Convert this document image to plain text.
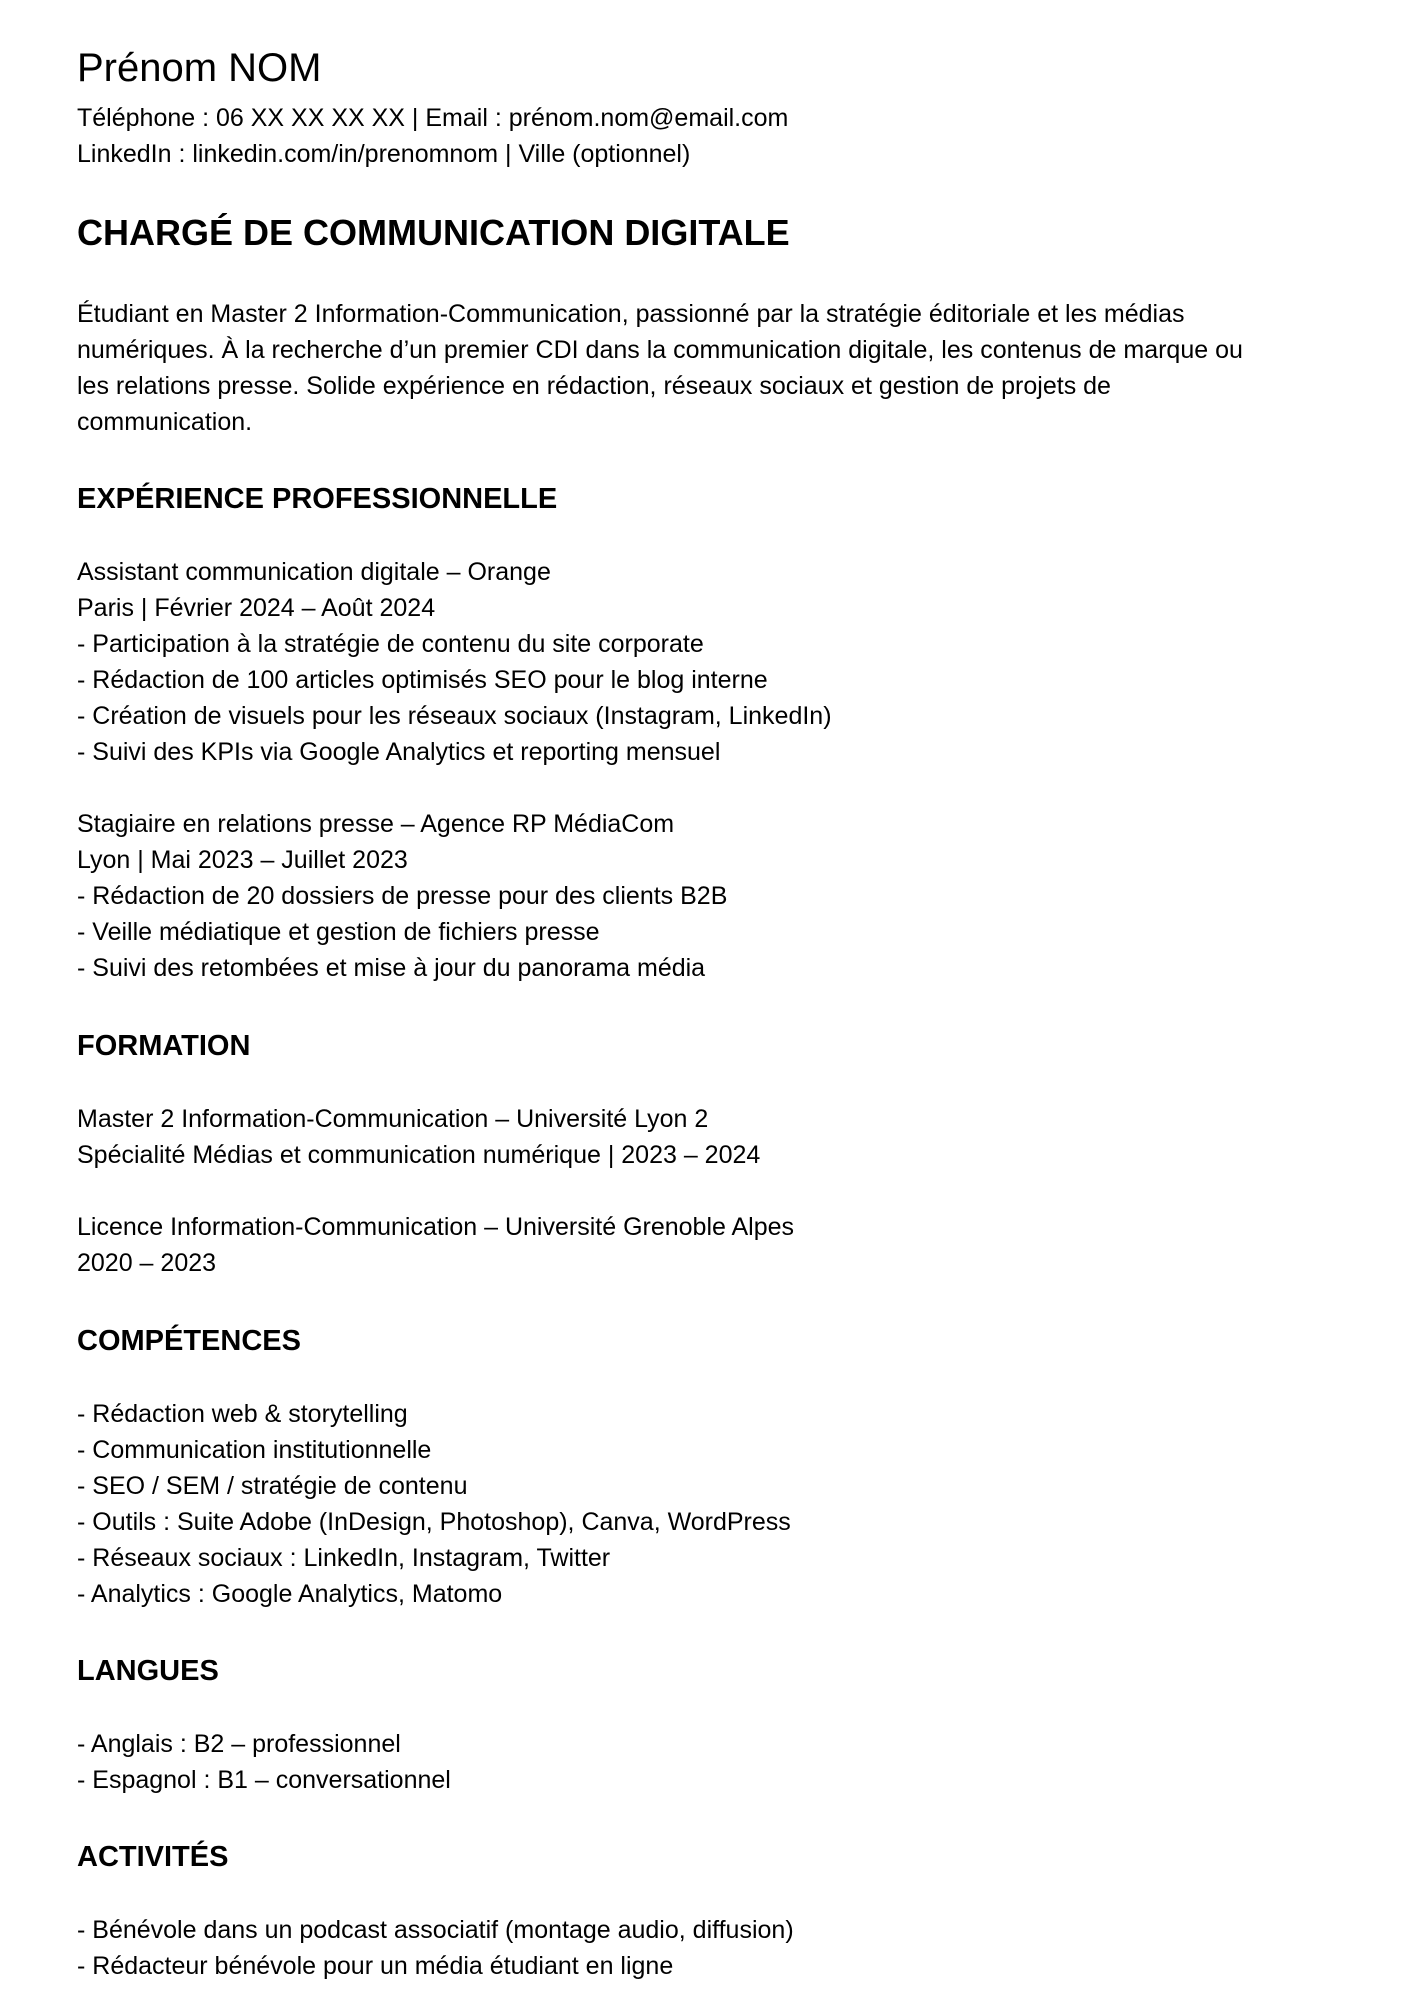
Prénom NOM
Téléphone : 06 XX XX XX XX | Email : prénom.nom@email.com
LinkedIn : linkedin.com/in/prenomnom | Ville (optionnel)
CHARGÉ DE COMMUNICATION DIGITALE
Étudiant en Master 2 Information-Communication, passionné par la stratégie éditoriale et les médias
numériques. À la recherche d’un premier CDI dans la communication digitale, les contenus de marque ou
les relations presse. Solide expérience en rédaction, réseaux sociaux et gestion de projets de
communication.
EXPÉRIENCE PROFESSIONNELLE
Assistant communication digitale – Orange
Paris | Février 2024 – Août 2024
- Participation à la stratégie de contenu du site corporate
- Rédaction de 100 articles optimisés SEO pour le blog interne
- Création de visuels pour les réseaux sociaux (Instagram, LinkedIn)
- Suivi des KPIs via Google Analytics et reporting mensuel
Stagiaire en relations presse – Agence RP MédiaCom
Lyon | Mai 2023 – Juillet 2023
- Rédaction de 20 dossiers de presse pour des clients B2B
- Veille médiatique et gestion de fichiers presse
- Suivi des retombées et mise à jour du panorama média
FORMATION
Master 2 Information-Communication – Université Lyon 2
Spécialité Médias et communication numérique | 2023 – 2024
Licence Information-Communication – Université Grenoble Alpes
2020 – 2023
COMPÉTENCES
- Rédaction web & storytelling
- Communication institutionnelle
- SEO / SEM / stratégie de contenu
- Outils : Suite Adobe (InDesign, Photoshop), Canva, WordPress
- Réseaux sociaux : LinkedIn, Instagram, Twitter
- Analytics : Google Analytics, Matomo
LANGUES
- Anglais : B2 – professionnel
- Espagnol : B1 – conversationnel
ACTIVITÉS
- Bénévole dans un podcast associatif (montage audio, diffusion)
- Rédacteur bénévole pour un média étudiant en ligne
